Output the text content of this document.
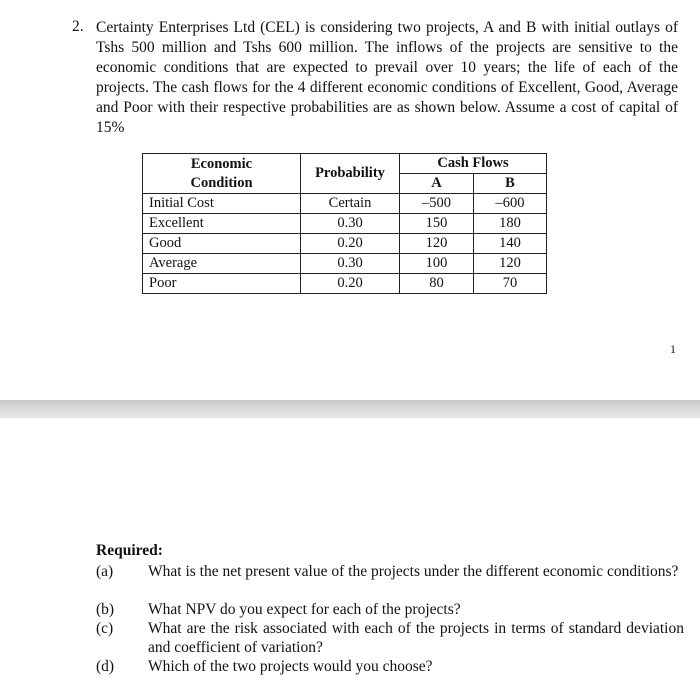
2. Certainty Enterprises Ltd (CEL) is considering two projects, A and B with initial outlays of Tshs 500 million and Tshs 600 million. The inflows of the projects are sensitive to the economic conditions that are expected to prevail over 10 years; the life of each of the projects. The cash flows for the 4 different economic conditions of Excellent, Good, Average and Poor with their respective probabilities are as shown below. Assume a cost of capital of 15%
Economic
Condition	Probability	Cash Flows	
		A	B
Initial Cost	Certain	–500	–600
Excellent	0.30	150	180
Good	0.20	120	140
Average	0.30	100	120
Poor	0.20	80	70
1
Required:
(a) What is the net present value of the projects under the different economic conditions?
(b) What NPV do you expect for each of the projects?
(c) What are the risk associated with each of the projects in terms of standard deviation and coefficient of variation?
(d) Which of the two projects would you choose?
